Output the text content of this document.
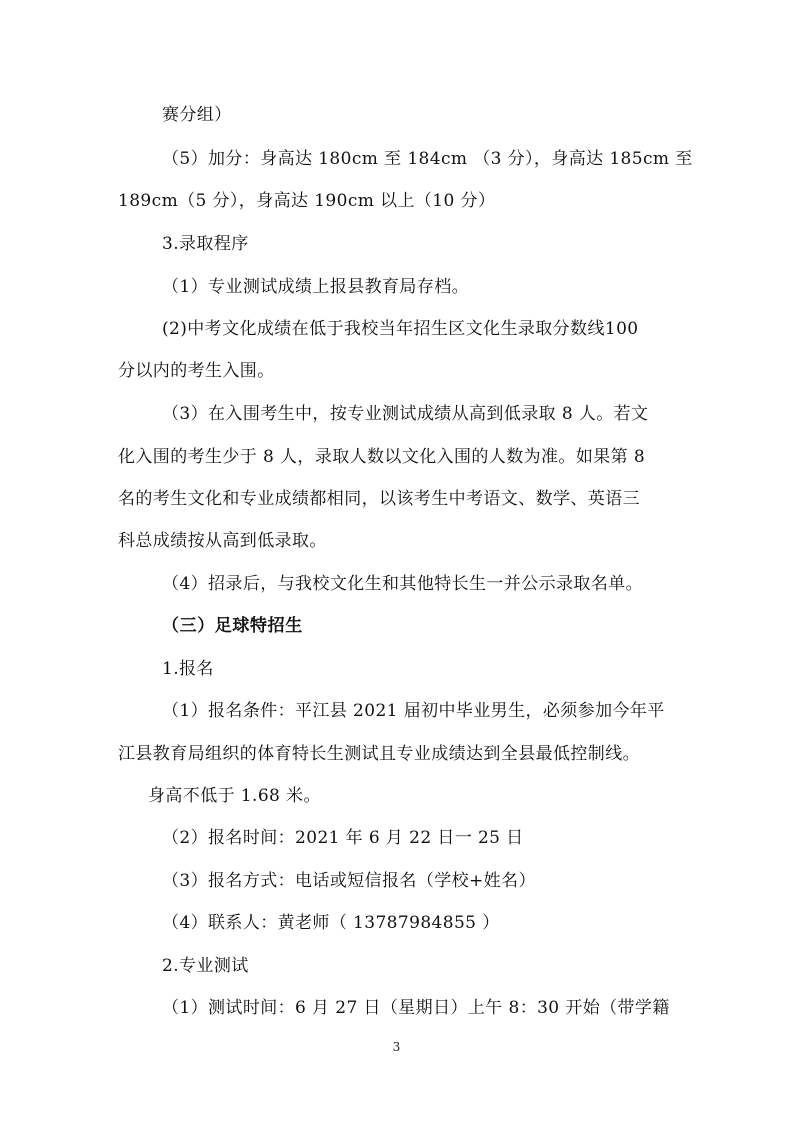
赛分组）
（5）加分：身高达 180cm 至 184cm （3 分），身高达 185cm 至
189cm（5 分），身高达 190cm 以上（10 分）
3.录取程序
（1）专业测试成绩上报县教育局存档。
(2)中考文化成绩在低于我校当年招生区文化生录取分数线100
分以内的考生入围。
（3）在入围考生中，按专业测试成绩从高到低录取 8 人。若文
化入围的考生少于 8 人，录取人数以文化入围的人数为准。如果第 8
名的考生文化和专业成绩都相同，以该考生中考语文、数学、英语三
科总成绩按从高到低录取。
（4）招录后，与我校文化生和其他特长生一并公示录取名单。
（三）足球特招生
1.报名
（1）报名条件：平江县 2021 届初中毕业男生，必须参加今年平
江县教育局组织的体育特长生测试且专业成绩达到全县最低控制线。
身高不低于 1.68 米。
（2）报名时间：2021 年 6 月 22 日一 25 日
（3）报名方式：电话或短信报名（学校+姓名）
（4）联系人：黄老师（ 13787984855 ）
2.专业测试
（1）测试时间：6 月 27 日（星期日）上午 8：30 开始（带学籍
3
